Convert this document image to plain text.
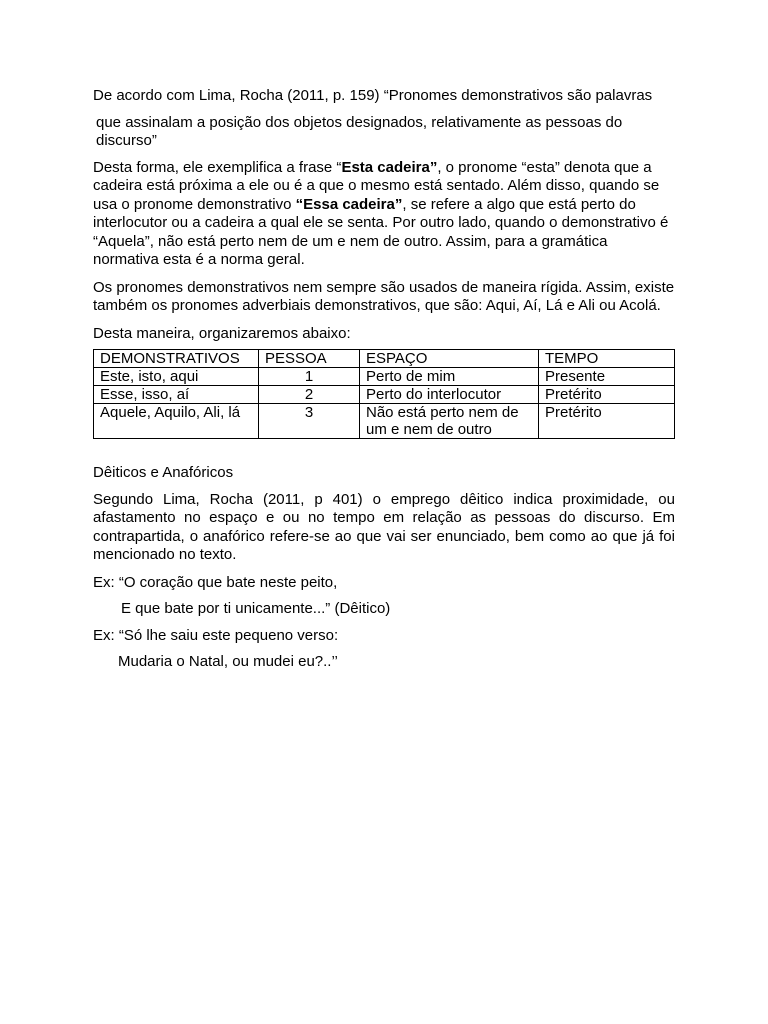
De acordo com Lima, Rocha (2011, p. 159) “Pronomes demonstrativos são palavras

que assinalam a posição dos objetos designados, relativamente as pessoas do discurso”

Desta forma, ele exemplifica a frase “Esta cadeira”, o pronome “esta” denota que a cadeira está próxima a ele ou é a que o mesmo está sentado. Além disso, quando se usa o pronome demonstrativo “Essa cadeira”, se refere a algo que está perto do interlocutor ou a cadeira a qual ele se senta. Por outro lado, quando o demonstrativo é “Aquela”, não está perto nem de um e nem de outro. Assim, para a gramática normativa esta é a norma geral.

Os pronomes demonstrativos nem sempre são usados de maneira rígida. Assim, existe também os pronomes adverbiais demonstrativos, que são: Aqui, Aí, Lá e Ali ou Acolá.

Desta maneira, organizaremos abaixo:

DEMONSTRATIVOS	PESSOA	ESPAÇO	TEMPO
Este, isto, aqui	1	Perto de mim	Presente
Esse, isso, aí	2	Perto do interlocutor	Pretérito
Aquele, Aquilo, Ali, lá	3	Não está perto nem de um e nem de outro	Pretérito

Dêiticos e Anafóricos

Segundo Lima, Rocha (2011, p 401) o emprego dêitico indica proximidade, ou afastamento no espaço e ou no tempo em relação as pessoas do discurso. Em contrapartida, o anafórico refere-se ao que vai ser enunciado, bem como ao que já foi mencionado no texto.

Ex: “O coração que bate neste peito,

E que bate por ti unicamente...” (Dêitico)

Ex: “Só lhe saiu este pequeno verso:

Mudaria o Natal, ou mudei eu?..’’
